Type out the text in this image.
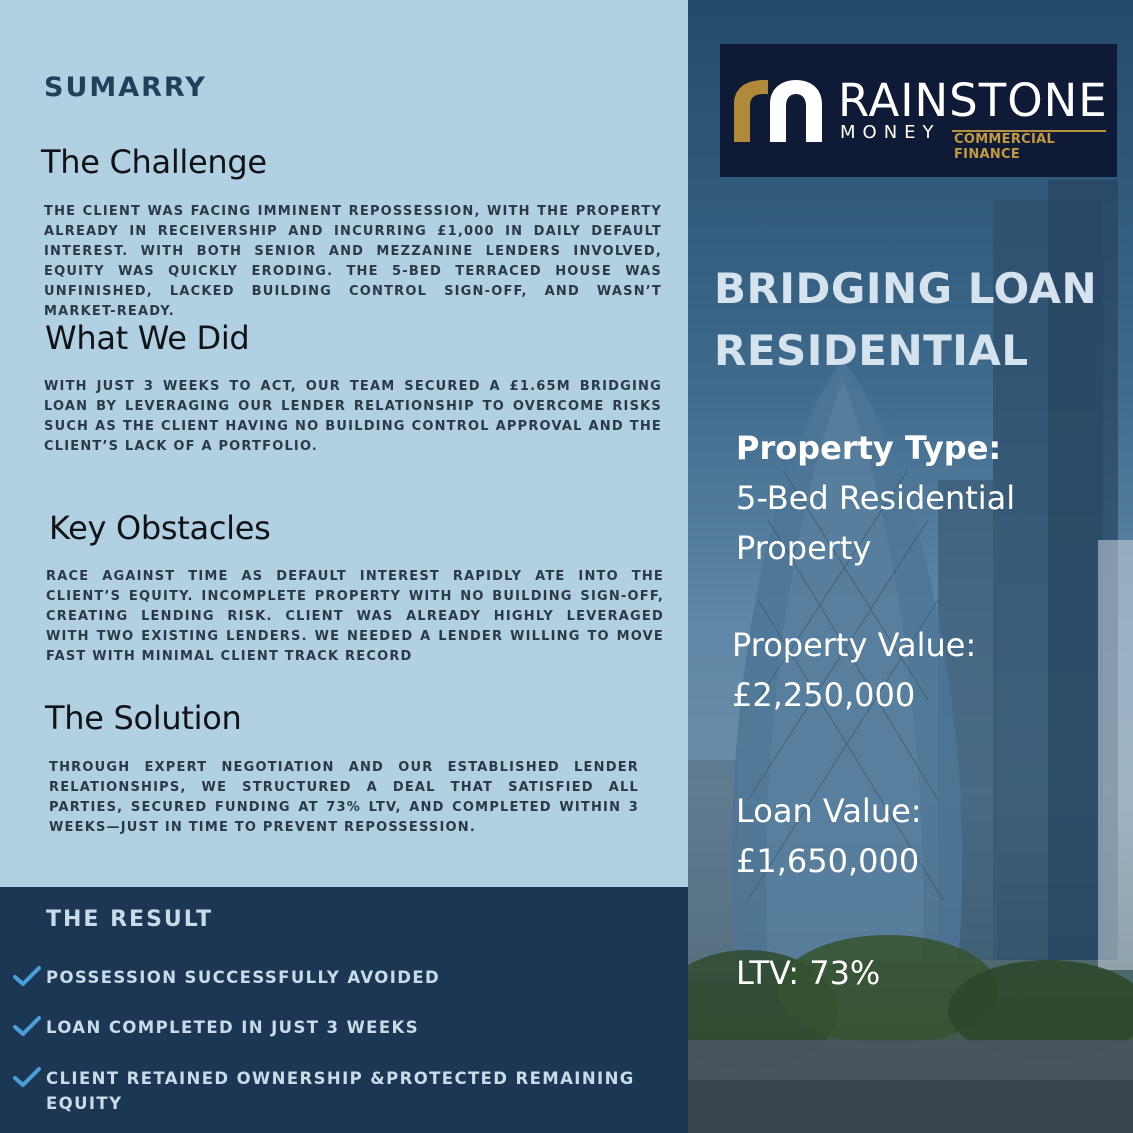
SUMARRY
The Challenge

THE CLIENT WAS FACING IMMINENT REPOSSESSION, WITH THE PROPERTY ALREADY IN RECEIVERSHIP AND INCURRING £1,000 IN DAILY DEFAULT INTEREST. WITH BOTH SENIOR AND MEZZANINE LENDERS INVOLVED, EQUITY WAS QUICKLY ERODING. THE 5-BED TERRACED HOUSE WAS UNFINISHED, LACKED BUILDING CONTROL SIGN-OFF, AND WASN’T MARKET-READY.

What We Did

WITH JUST 3 WEEKS TO ACT, OUR TEAM SECURED A £1.65M BRIDGING LOAN BY LEVERAGING OUR LENDER RELATIONSHIP TO OVERCOME RISKS SUCH AS THE CLIENT HAVING NO BUILDING CONTROL APPROVAL AND THE CLIENT’S LACK OF A PORTFOLIO.

Key Obstacles

RACE AGAINST TIME AS DEFAULT INTEREST RAPIDLY ATE INTO THE CLIENT’S EQUITY. INCOMPLETE PROPERTY WITH NO BUILDING SIGN-OFF, CREATING LENDING RISK. CLIENT WAS ALREADY HIGHLY LEVERAGED WITH TWO EXISTING LENDERS. WE NEEDED A LENDER WILLING TO MOVE FAST WITH MINIMAL CLIENT TRACK RECORD

The Solution

THROUGH EXPERT NEGOTIATION AND OUR ESTABLISHED LENDER RELATIONSHIPS, WE STRUCTURED A DEAL THAT SATISFIED ALL PARTIES, SECURED FUNDING AT 73% LTV, AND COMPLETED WITHIN 3 WEEKS—JUST IN TIME TO PREVENT REPOSSESSION.

THE RESULT
POSSESSION SUCCESSFULLY AVOIDED
LOAN COMPLETED IN JUST 3 WEEKS
CLIENT RETAINED OWNERSHIP &PROTECTED REMAINING EQUITY
RAINSTONE
MONEY COMMERCIAL FINANCE
BRIDGING LOAN
RESIDENTIAL

Property Type:
5-Bed Residential
Property

Property Value:
£2,250,000

Loan Value:
£1,650,000

LTV: 73%
